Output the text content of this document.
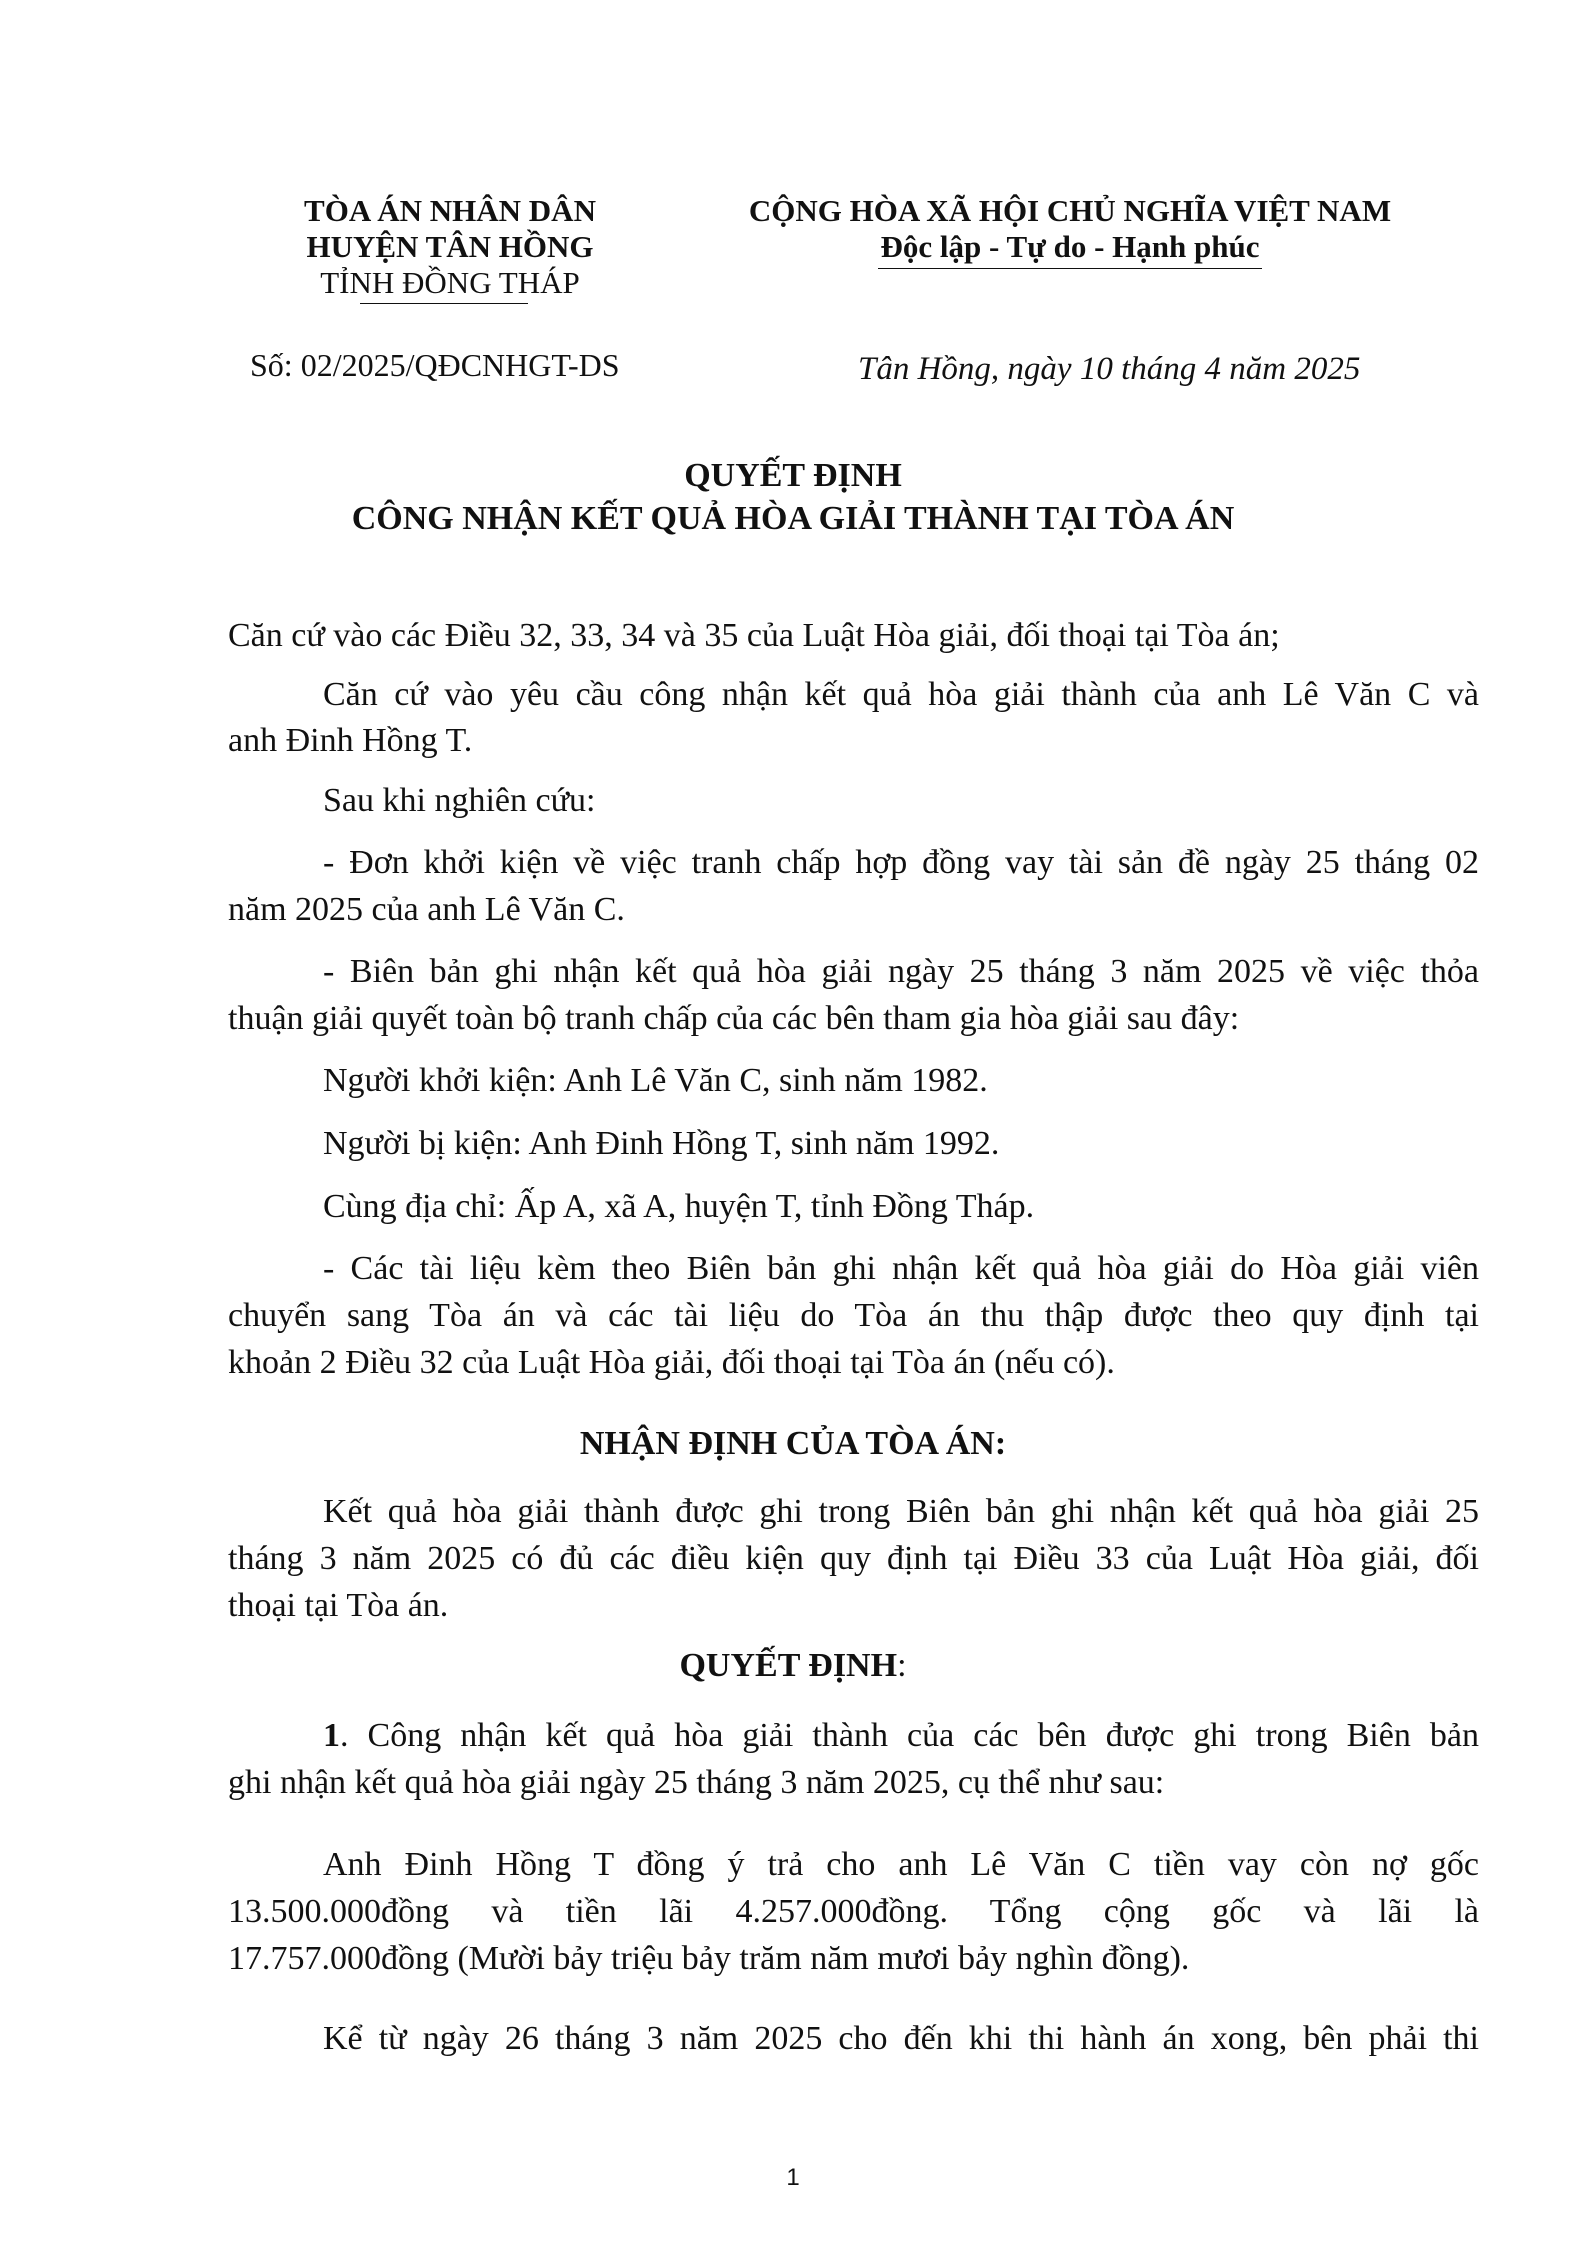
TÒA ÁN NHÂN DÂN
HUYỆN TÂN HỒNG
TỈNH ĐỒNG THÁP
CỘNG HÒA XÃ HỘI CHỦ NGHĨA VIỆT NAM
Độc lập - Tự do - Hạnh phúc
Số: 02/2025/QĐCNHGT-DS	Tân Hồng, ngày 10 tháng 4 năm 2025
QUYẾT ĐỊNH
CÔNG NHẬN KẾT QUẢ HÒA GIẢI THÀNH TẠI TÒA ÁN
Căn cứ vào các Điều 32, 33, 34 và 35 của Luật Hòa giải, đối thoại tại Tòa án;
Căn cứ vào yêu cầu công nhận kết quả hòa giải thành của anh Lê Văn C và
anh Đinh Hồng T.
Sau khi nghiên cứu:
- Đơn khởi kiện về việc tranh chấp hợp đồng vay tài sản đề ngày 25 tháng 02
năm 2025 của anh Lê Văn C.
- Biên bản ghi nhận kết quả hòa giải ngày 25 tháng 3 năm 2025 về việc thỏa
thuận giải quyết toàn bộ tranh chấp của các bên tham gia hòa giải sau đây:
Người khởi kiện: Anh Lê Văn C, sinh năm 1982.
Người bị kiện: Anh Đinh Hồng T, sinh năm 1992.
Cùng địa chỉ: Ấp A, xã A, huyện T, tỉnh Đồng Tháp.
- Các tài liệu kèm theo Biên bản ghi nhận kết quả hòa giải do Hòa giải viên
chuyển sang Tòa án và các tài liệu do Tòa án thu thập được theo quy định tại
khoản 2 Điều 32 của Luật Hòa giải, đối thoại tại Tòa án (nếu có).
NHẬN ĐỊNH CỦA TÒA ÁN:
Kết quả hòa giải thành được ghi trong Biên bản ghi nhận kết quả hòa giải 25
tháng 3 năm 2025 có đủ các điều kiện quy định tại Điều 33 của Luật Hòa giải, đối
thoại tại Tòa án.
QUYẾT ĐỊNH:
1. Công nhận kết quả hòa giải thành của các bên được ghi trong Biên bản
ghi nhận kết quả hòa giải ngày 25 tháng 3 năm 2025, cụ thể như sau:
Anh Đinh Hồng T đồng ý trả cho anh Lê Văn C tiền vay còn nợ gốc
13.500.000đồng và tiền lãi 4.257.000đồng. Tổng cộng gốc và lãi là
17.757.000đồng (Mười bảy triệu bảy trăm năm mươi bảy nghìn đồng).
Kể từ ngày 26 tháng 3 năm 2025 cho đến khi thi hành án xong, bên phải thi
1
